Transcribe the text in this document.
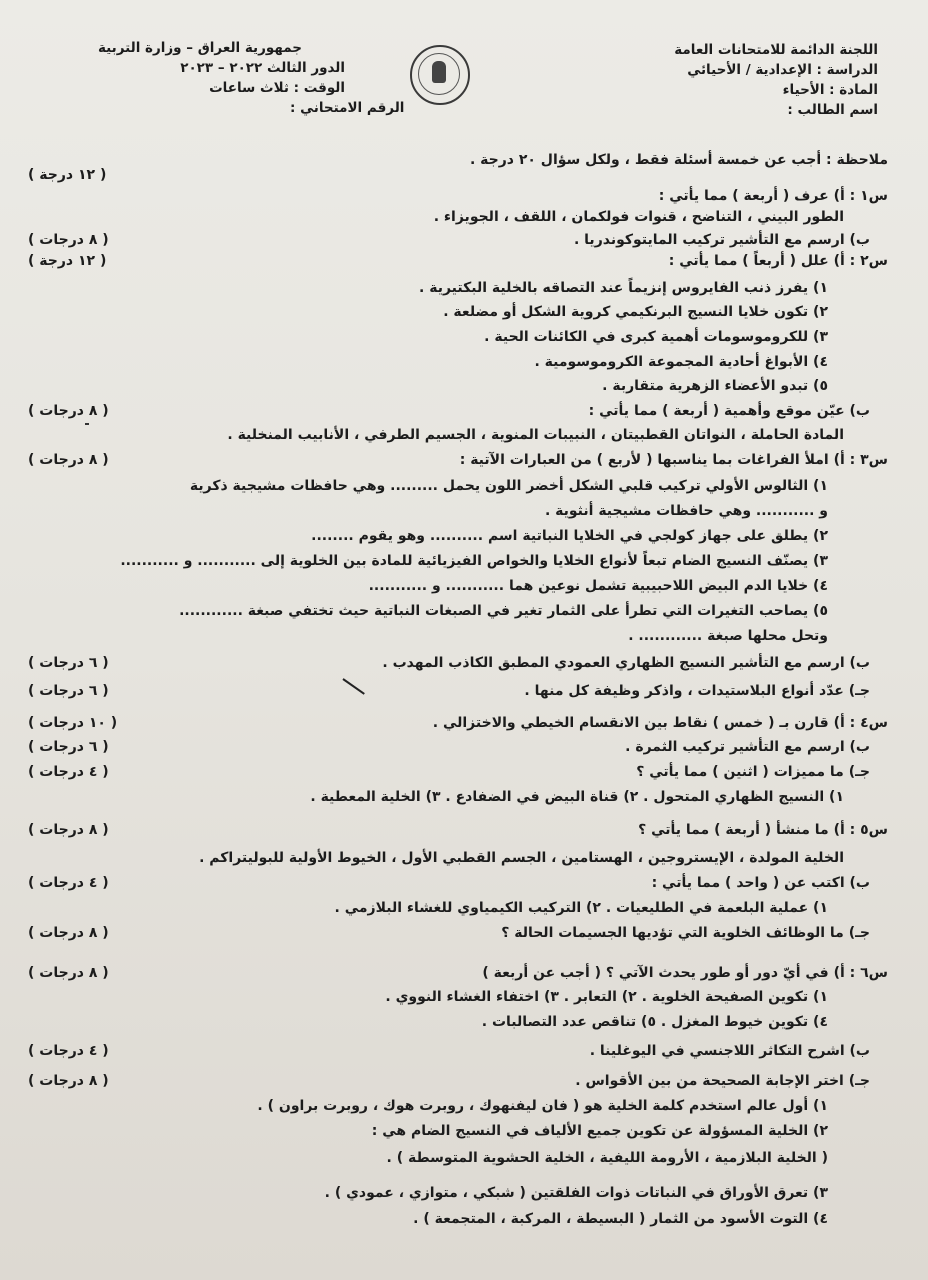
اللجنة الدائمة للامتحانات العامة
الدراسة : الإعدادية / الأحيائي
المادة : الأحياء
اسم الطالب :
جمهورية العراق – وزارة التربية
الدور الثالث ٢٠٢٢ – ٢٠٢٣
الوقت : ثلاث ساعات
الرقم الامتحاني :
ملاحظة : أجب عن خمسة أسئلة فقط ، ولكل سؤال ٢٠ درجة .
( ١٢ درجة )
س١ : أ) عرف ( أربعة ) مما يأتي :
الطور البيني ، التناضح ، قنوات فولكمان ، اللقف ، الجويزاء .
ب) ارسم مع التأشير تركيب المايتوكوندريا .
( ٨ درجات )
س٢ : أ) علل ( أربعاً ) مما يأتي :
( ١٢ درجة )
١) يفرز ذنب الفايروس إنزيماً عند التصاقه بالخلية البكتيرية .
٢) تكون خلايا النسيج البرنكيمي كروية الشكل أو مضلعة .
٣) للكروموسومات أهمية كبرى في الكائنات الحية .
٤) الأبواغ أحادية المجموعة الكروموسومية .
٥) تبدو الأعضاء الزهرية متقاربة .
ب) عيّن موقع وأهمية ( أربعة ) مما يأتي :
( ٨ درجات )
المادة الحاملة ، النواتان القطبيتان ، النبيبات المنوية ، الجسيم الطرفي ، الأنابيب المنخلية .
س٣ : أ) املأ الفراغات بما يناسبها ( لأربع ) من العبارات الآتية :
( ٨ درجات )
١) الثالوس الأولي تركيب قلبي الشكل أخضر اللون يحمل ......... وهي حافظات مشيجية ذكرية
و ........... وهي حافظات مشيجية أنثوية .
٢) يطلق على جهاز كولجي في الخلايا النباتية اسم .......... وهو يقوم ........
٣) يصنّف النسيج الضام تبعاً لأنواع الخلايا والخواص الفيزيائية للمادة بين الخلوية إلى ........... و ...........
٤) خلايا الدم البيض اللاحبيبية تشمل نوعين هما ........... و ...........
٥) يصاحب التغيرات التي تطرأ على الثمار تغير في الصبغات النباتية حيث تختفي صبغة ............
وتحل محلها صبغة ............ .
ب) ارسم مع التأشير النسيج الظهاري العمودي المطبق الكاذب المهدب .
( ٦ درجات )
جـ) عدّد أنواع البلاستيدات ، واذكر وظيفة كل منها .
( ٦ درجات )
س٤ : أ) قارن بـ ( خمس ) نقاط بين الانقسام الخيطي والاختزالي .
( ١٠ درجات )
ب) ارسم مع التأشير تركيب الثمرة .
( ٦ درجات )
جـ) ما مميزات ( اثنين ) مما يأتي ؟
( ٤ درجات )
١) النسيج الظهاري المتحول . ٢) قناة البيض في الضفادع . ٣) الخلية المعطية .
س٥ : أ) ما منشأ ( أربعة ) مما يأتي ؟
( ٨ درجات )
الخلية المولدة ، الإيستروجين ، الهستامين ، الجسم القطبي الأول ، الخيوط الأولية للبوليتراكم .
ب) اكتب عن ( واحد ) مما يأتي :
( ٤ درجات )
١) عملية البلعمة في الطليعيات . ٢) التركيب الكيمياوي للغشاء البلازمي .
جـ) ما الوظائف الخلوية التي تؤديها الجسيمات الحالة ؟
( ٨ درجات )
س٦ : أ) في أيّ دور أو طور يحدث الآتي ؟ ( أجب عن أربعة )
( ٨ درجات )
١) تكوين الصفيحة الخلوية . ٢) التعابر . ٣) اختفاء الغشاء النووي .
٤) تكوين خيوط المغزل . ٥) تناقص عدد التصالبات .
ب) اشرح التكاثر اللاجنسي في اليوغلينا .
( ٤ درجات )
جـ) اختر الإجابة الصحيحة من بين الأقواس .
( ٨ درجات )
١) أول عالم استخدم كلمة الخلية هو ( فان ليفنهوك ، روبرت هوك ، روبرت براون ) .
٢) الخلية المسؤولة عن تكوين جميع الألياف في النسيج الضام هي :
( الخلية البلازمية ، الأرومة الليفية ، الخلية الحشوية المتوسطة ) .
٣) تعرق الأوراق في النباتات ذوات الفلقتين ( شبكي ، متوازي ، عمودي ) .
٤) التوت الأسود من الثمار ( البسيطة ، المركبة ، المتجمعة ) .
